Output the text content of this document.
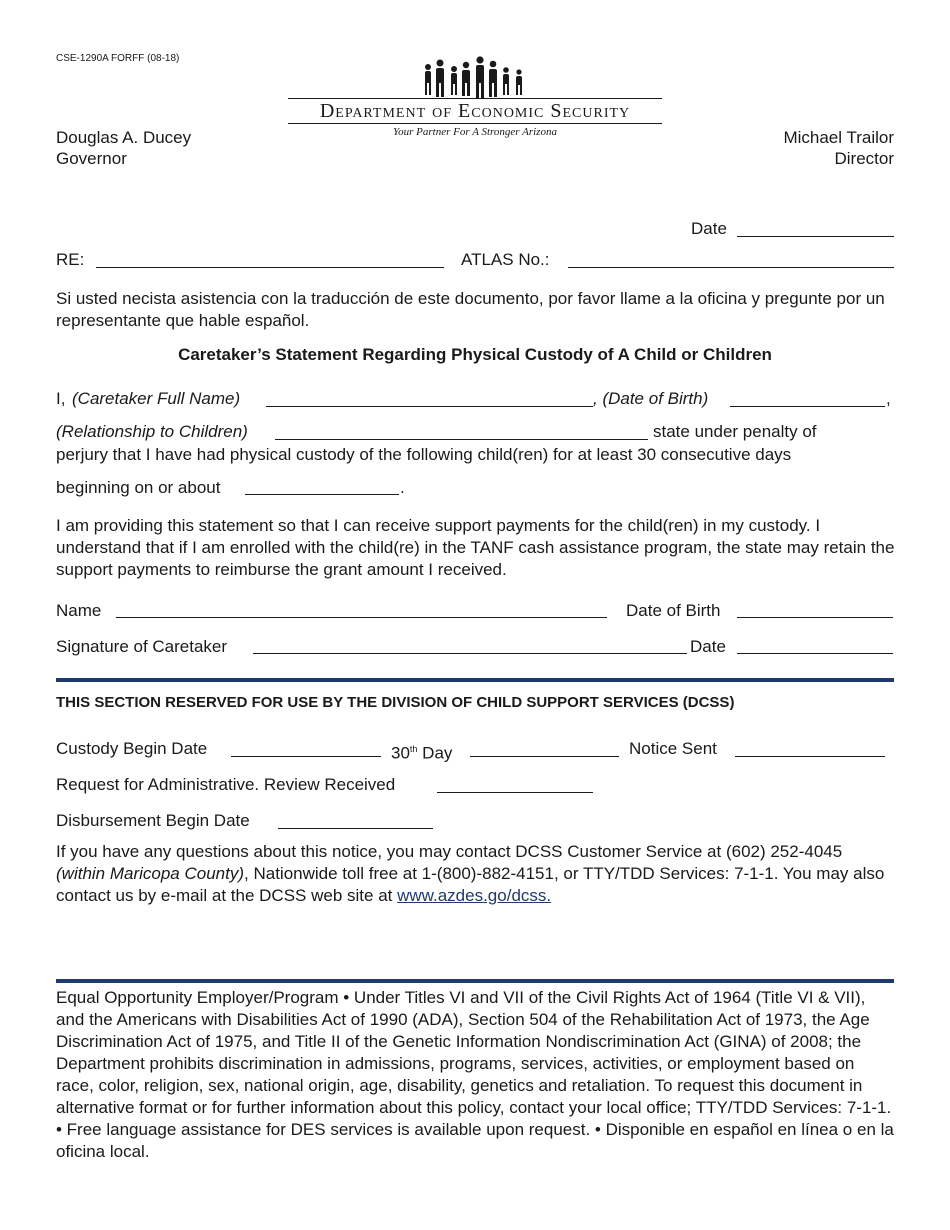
CSE-1290A FORFF (08-18)
Department of Economic Security
Your Partner For A Stronger Arizona
Douglas A. Ducey
Governor
Michael Trailor
Director
Date
RE:	ATLAS No.:
Si usted necista asistencia con la traducción de este documento, por favor llame a la oficina y pregunte por un representante que hable español.
Caretaker’s Statement Regarding Physical Custody of A Child or Children
I, (Caretaker Full Name)	, (Date of Birth)	,
(Relationship to Children)	state under penalty of
perjury that I have had physical custody of the following child(ren) for at least 30 consecutive days
beginning on or about	.
I am providing this statement so that I can receive support payments for the child(ren) in my custody. I understand that if I am enrolled with the child(re) in the TANF cash assistance program, the state may retain the support payments to reimburse the grant amount I received.
Name	Date of Birth
Signature of Caretaker	Date
THIS SECTION RESERVED FOR USE BY THE DIVISION OF CHILD SUPPORT SERVICES (DCSS)
Custody Begin Date	30th Day	Notice Sent
Request for Administrative. Review Received
Disbursement Begin Date
If you have any questions about this notice, you may contact DCSS Customer Service at (602) 252-4045 (within Maricopa County), Nationwide toll free at 1-(800)-882-4151, or TTY/TDD Services: 7-1-1. You may also contact us by e-mail at the DCSS web site at www.azdes.go/dcss.
Equal Opportunity Employer/Program • Under Titles VI and VII of the Civil Rights Act of 1964 (Title VI & VII), and the Americans with Disabilities Act of 1990 (ADA), Section 504 of the Rehabilitation Act of 1973, the Age Discrimination Act of 1975, and Title II of the Genetic Information Nondiscrimination Act (GINA) of 2008; the Department prohibits discrimination in admissions, programs, services, activities, or employment based on race, color, religion, sex, national origin, age, disability, genetics and retaliation. To request this document in alternative format or for further information about this policy, contact your local office; TTY/TDD Services: 7-1-1. • Free language assistance for DES services is available upon request. • Disponible en español en línea o en la oficina local.
